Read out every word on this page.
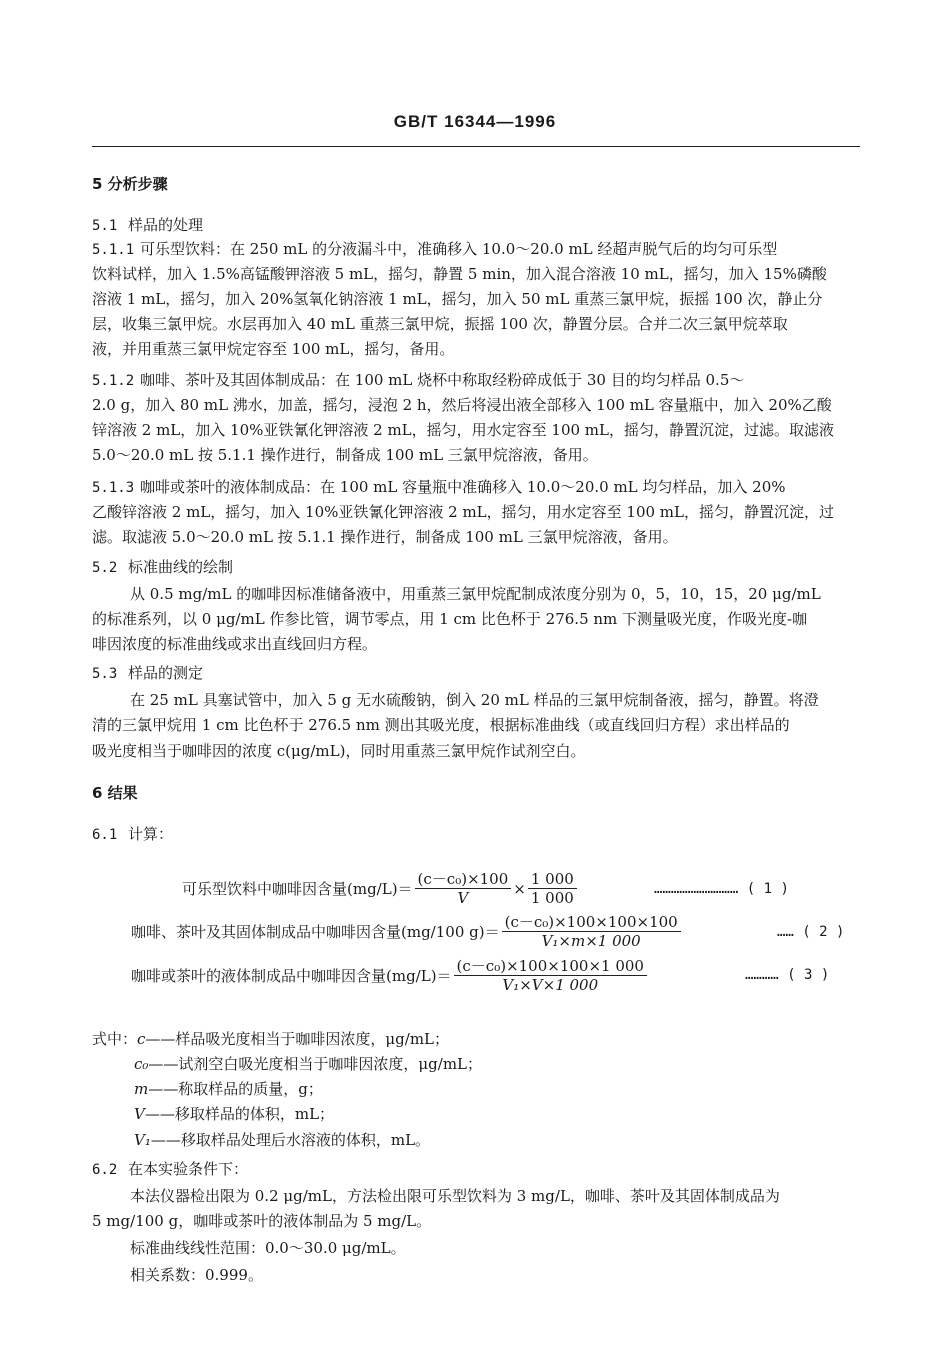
GB/T 16344—1996
5 分析步骤
5.1 样品的处理
5.1.1 可乐型饮料：在 250 mL 的分液漏斗中，准确移入 10.0～20.0 mL 经超声脱气后的均匀可乐型
饮料试样，加入 1.5%高锰酸钾溶液 5 mL，摇匀，静置 5 min，加入混合溶液 10 mL，摇匀，加入 15%磷酸
溶液 1 mL，摇匀，加入 20%氢氧化钠溶液 1 mL，摇匀，加入 50 mL 重蒸三氯甲烷，振摇 100 次，静止分
层，收集三氯甲烷。水层再加入 40 mL 重蒸三氯甲烷，振摇 100 次，静置分层。合并二次三氯甲烷萃取
液，并用重蒸三氯甲烷定容至 100 mL，摇匀，备用。
5.1.2 咖啡、茶叶及其固体制成品：在 100 mL 烧杯中称取经粉碎成低于 30 目的均匀样品 0.5～
2.0 g，加入 80 mL 沸水，加盖，摇匀，浸泡 2 h，然后将浸出液全部移入 100 mL 容量瓶中，加入 20%乙酸
锌溶液 2 mL，加入 10%亚铁氰化钾溶液 2 mL，摇匀，用水定容至 100 mL，摇匀，静置沉淀，过滤。取滤液
5.0～20.0 mL 按 5.1.1 操作进行，制备成 100 mL 三氯甲烷溶液，备用。
5.1.3 咖啡或茶叶的液体制成品：在 100 mL 容量瓶中准确移入 10.0～20.0 mL 均匀样品，加入 20%
乙酸锌溶液 2 mL，摇匀，加入 10%亚铁氰化钾溶液 2 mL，摇匀，用水定容至 100 mL，摇匀，静置沉淀，过
滤。取滤液 5.0～20.0 mL 按 5.1.1 操作进行，制备成 100 mL 三氯甲烷溶液，备用。
5.2 标准曲线的绘制
从 0.5 mg/mL 的咖啡因标准储备液中，用重蒸三氯甲烷配制成浓度分别为 0，5，10，15，20 μg/mL
的标准系列，以 0 μg/mL 作参比管，调节零点，用 1 cm 比色杯于 276.5 nm 下测量吸光度，作吸光度-咖
啡因浓度的标准曲线或求出直线回归方程。
5.3 样品的测定
在 25 mL 具塞试管中，加入 5 g 无水硫酸钠，倒入 20 mL 样品的三氯甲烷制备液，摇匀，静置。将澄
清的三氯甲烷用 1 cm 比色杯于 276.5 nm 测出其吸光度，根据标准曲线（或直线回归方程）求出样品的
吸光度相当于咖啡因的浓度 c(μg/mL)，同时用重蒸三氯甲烷作试剂空白。
6 结果
6.1 计算：
可乐型饮料中咖啡因含量$(mg/L)= \frac{\text{(c－c₀)×100}}{V} \times \frac{1 000}{1 000}$	………………………… ( 1 )
咖啡、茶叶及其固体制成品中咖啡因含量(mg/100 $g)= \frac{\text{(c－c₀)×100×100×100}}{\text{V₁×m×1 000}}$	…… ( 2 )
咖啡或茶叶的液体制成品中咖啡因含量$(mg/L)= \frac{\text{(c－c₀)×100×100×1 000}}{\text{V₁×V×1 000}}$	………… ( 3 )
式中：c——样品吸光度相当于咖啡因浓度，μg/mL；
c₀——试剂空白吸光度相当于咖啡因浓度，μg/mL；
m——称取样品的质量，g；
V——移取样品的体积，mL；
V₁——移取样品处理后水溶液的体积，mL。
6.2 在本实验条件下：
本法仪器检出限为 0.2 μg/mL，方法检出限可乐型饮料为 3 mg/L，咖啡、茶叶及其固体制成品为
5 mg/100 g，咖啡或茶叶的液体制品为 5 mg/L。
标准曲线线性范围：0.0～30.0 μg/mL。
相关系数：0.999。
